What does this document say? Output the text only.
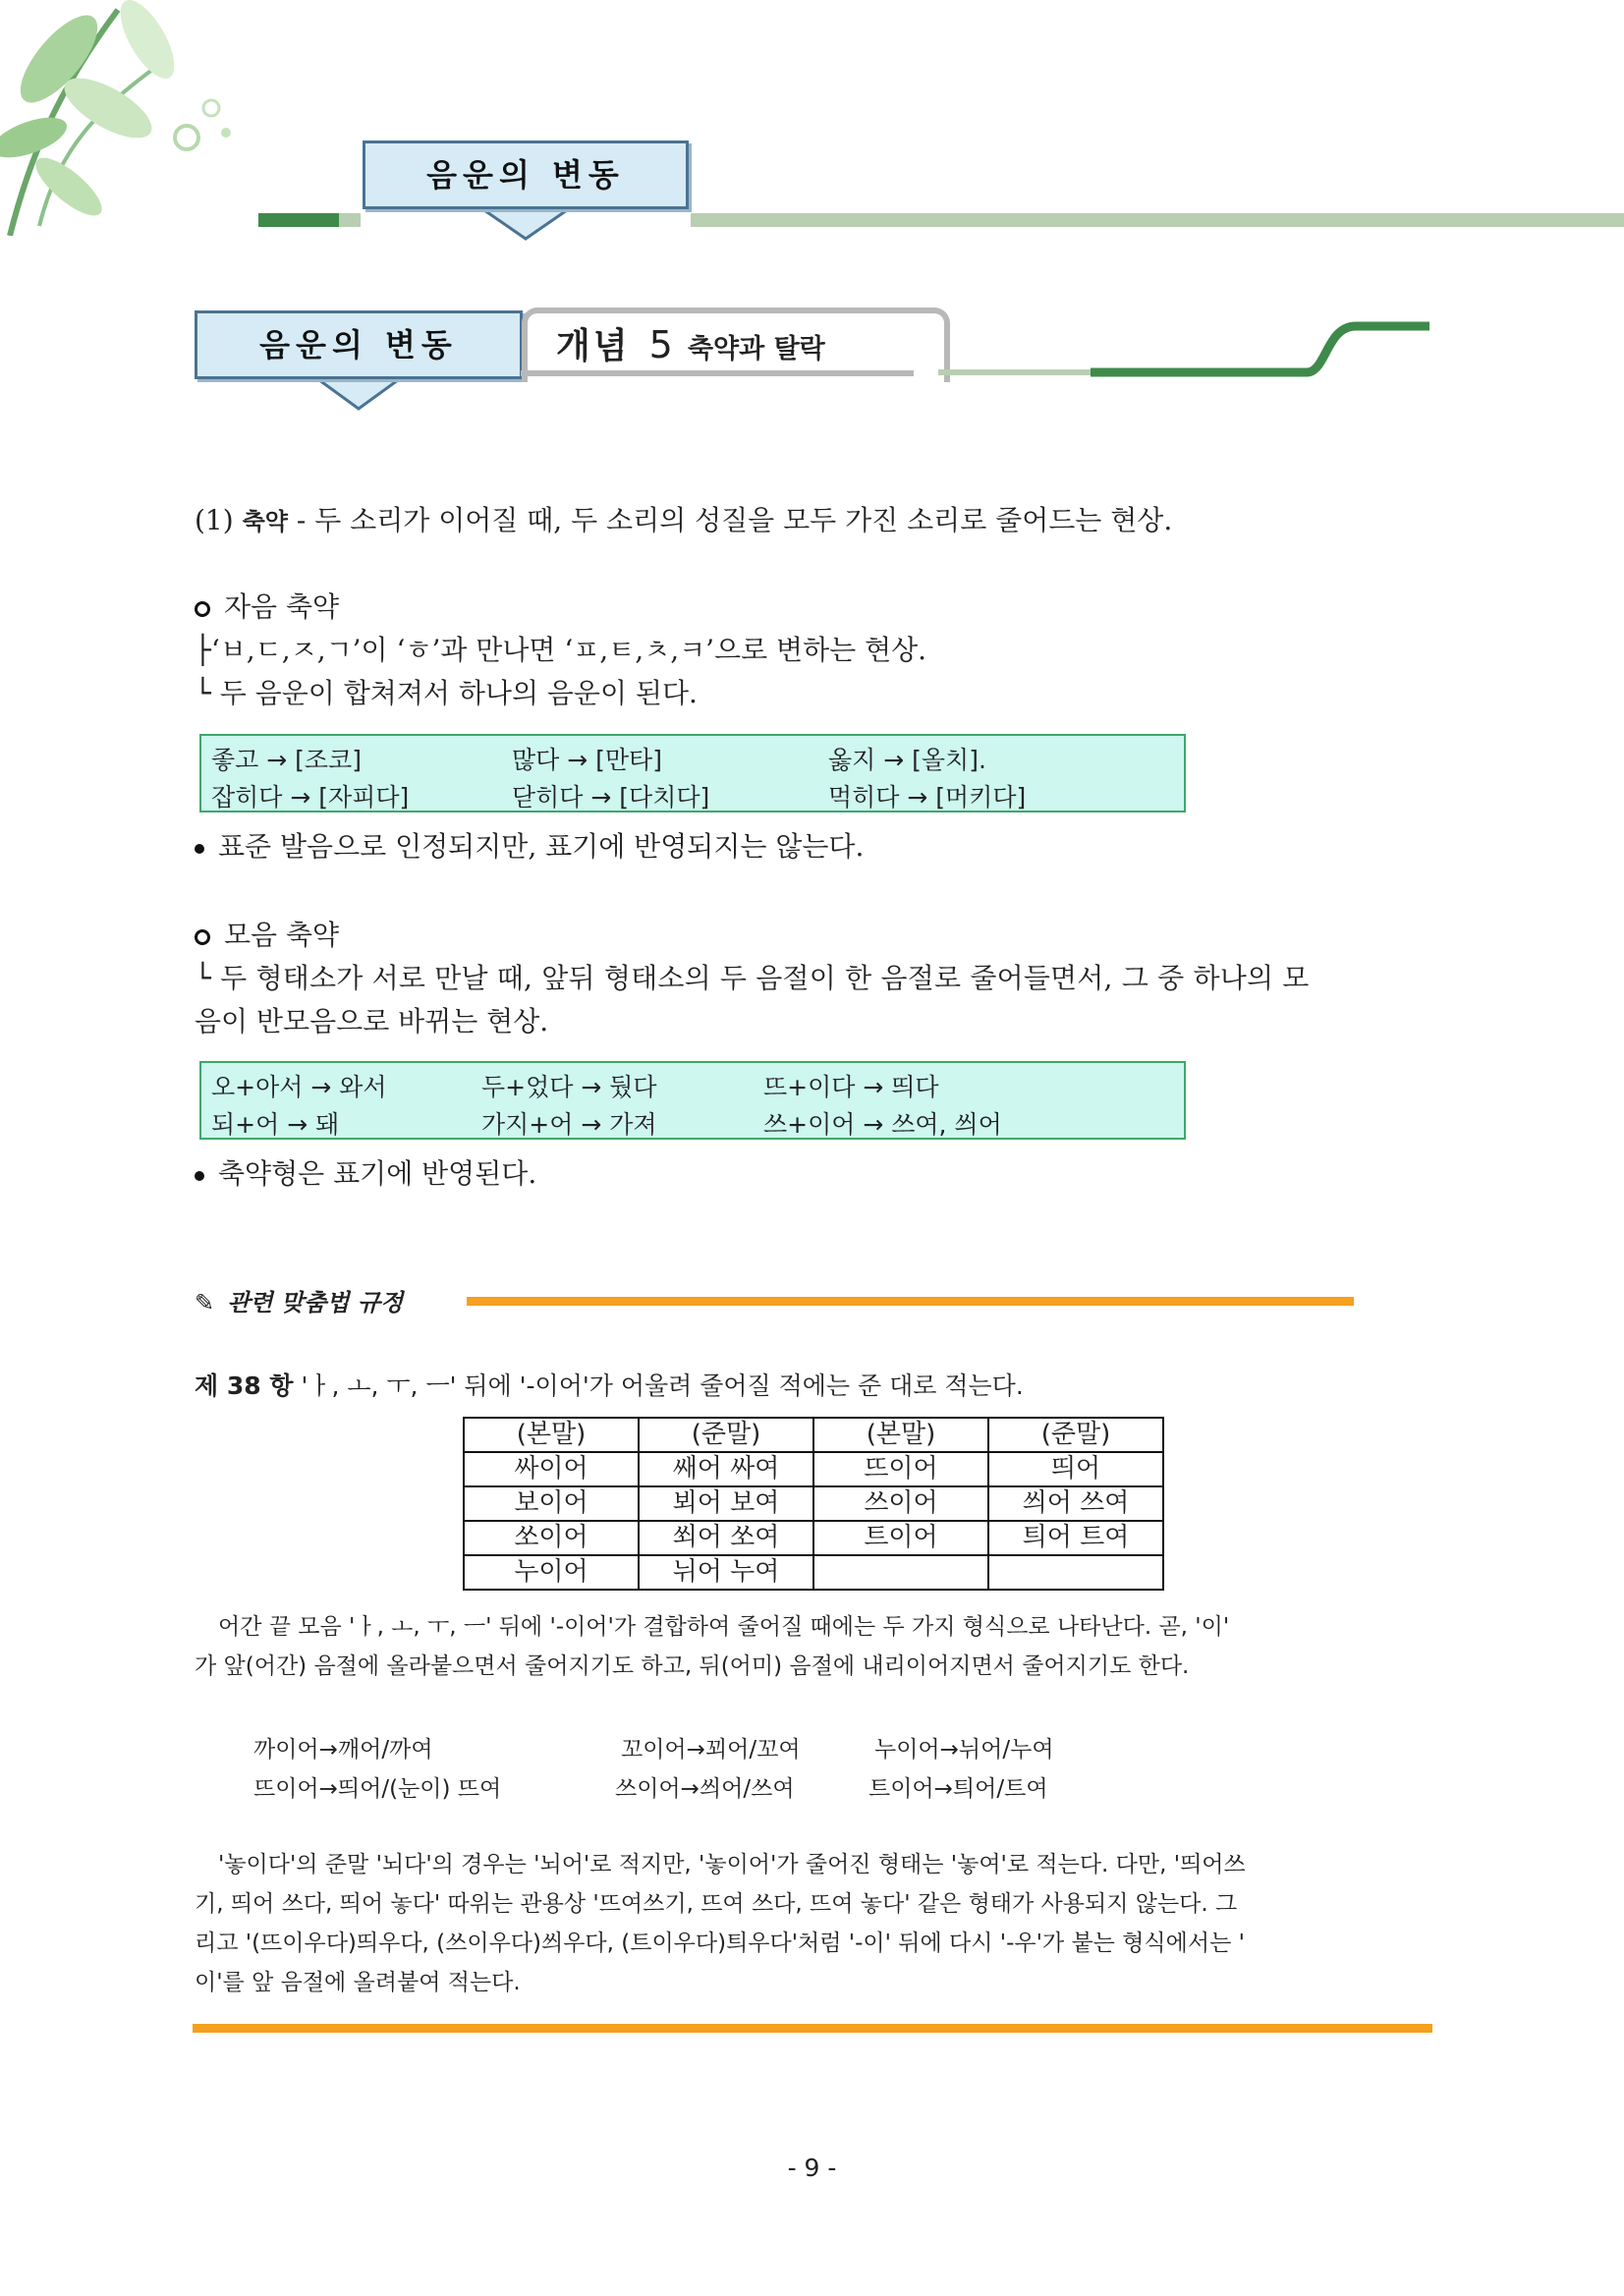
음운의 변동
음운의 변동	개념 5 축약과 탈락
(1) 축약 - 두 소리가 이어질 때, 두 소리의 성질을 모두 가진 소리로 줄어드는 현상.
자음 축약
├‘ㅂ,ㄷ,ㅈ,ㄱ’이 ‘ㅎ’과 만나면 ‘ㅍ,ㅌ,ㅊ,ㅋ’으로 변하는 현상.
└ 두 음운이 합쳐져서 하나의 음운이 된다.
좋고 → [조코]	많다 → [만타]	옳지 → [올치].
잡히다 → [자피다]	닫히다 → [다치다]	먹히다 → [머키다]
표준 발음으로 인정되지만, 표기에 반영되지는 않는다.
모음 축약
└ 두 형태소가 서로 만날 때, 앞뒤 형태소의 두 음절이 한 음절로 줄어들면서, 그 중 하나의 모
음이 반모음으로 바뀌는 현상.
오+아서 → 와서	두+었다 → 뒀다	뜨+이다 → 띄다
되+어 → 돼	가지+어 → 가져	쓰+이어 → 쓰여, 씌어
축약형은 표기에 반영된다.
✎ 관련 맞춤법 규정
제 38 항 'ㅏ, ㅗ, ㅜ, ㅡ' 뒤에 '-이어'가 어울려 줄어질 적에는 준 대로 적는다.
(본말)	(준말)	(본말)	(준말)
싸이어	쌔어 싸여	뜨이어	띄어
보이어	뵈어 보여	쓰이어	씌어 쓰여
쏘이어	쐬어 쏘여	트이어	틔어 트여
누이어	뉘어 누여		
어간 끝 모음 'ㅏ, ㅗ, ㅜ, ㅡ' 뒤에 '-이어'가 결합하여 줄어질 때에는 두 가지 형식으로 나타난다. 곧, '이'
가 앞(어간) 음절에 올라붙으면서 줄어지기도 하고, 뒤(어미) 음절에 내리이어지면서 줄어지기도 한다.
까이어→깨어/까여	꼬이어→꾀어/꼬여	누이어→뉘어/누여
뜨이어→띄어/(눈이) 뜨여	쓰이어→씌어/쓰여	트이어→틔어/트여
'놓이다'의 준말 '뇌다'의 경우는 '뇌어'로 적지만, '놓이어'가 줄어진 형태는 '놓여'로 적는다. 다만, '띄어쓰
기, 띄어 쓰다, 띄어 놓다' 따위는 관용상 '뜨여쓰기, 뜨여 쓰다, 뜨여 놓다' 같은 형태가 사용되지 않는다. 그
리고 '(뜨이우다)띄우다, (쓰이우다)씌우다, (트이우다)틔우다'처럼 '-이' 뒤에 다시 '-우'가 붙는 형식에서는 '
이'를 앞 음절에 올려붙여 적는다.
- 9 -
